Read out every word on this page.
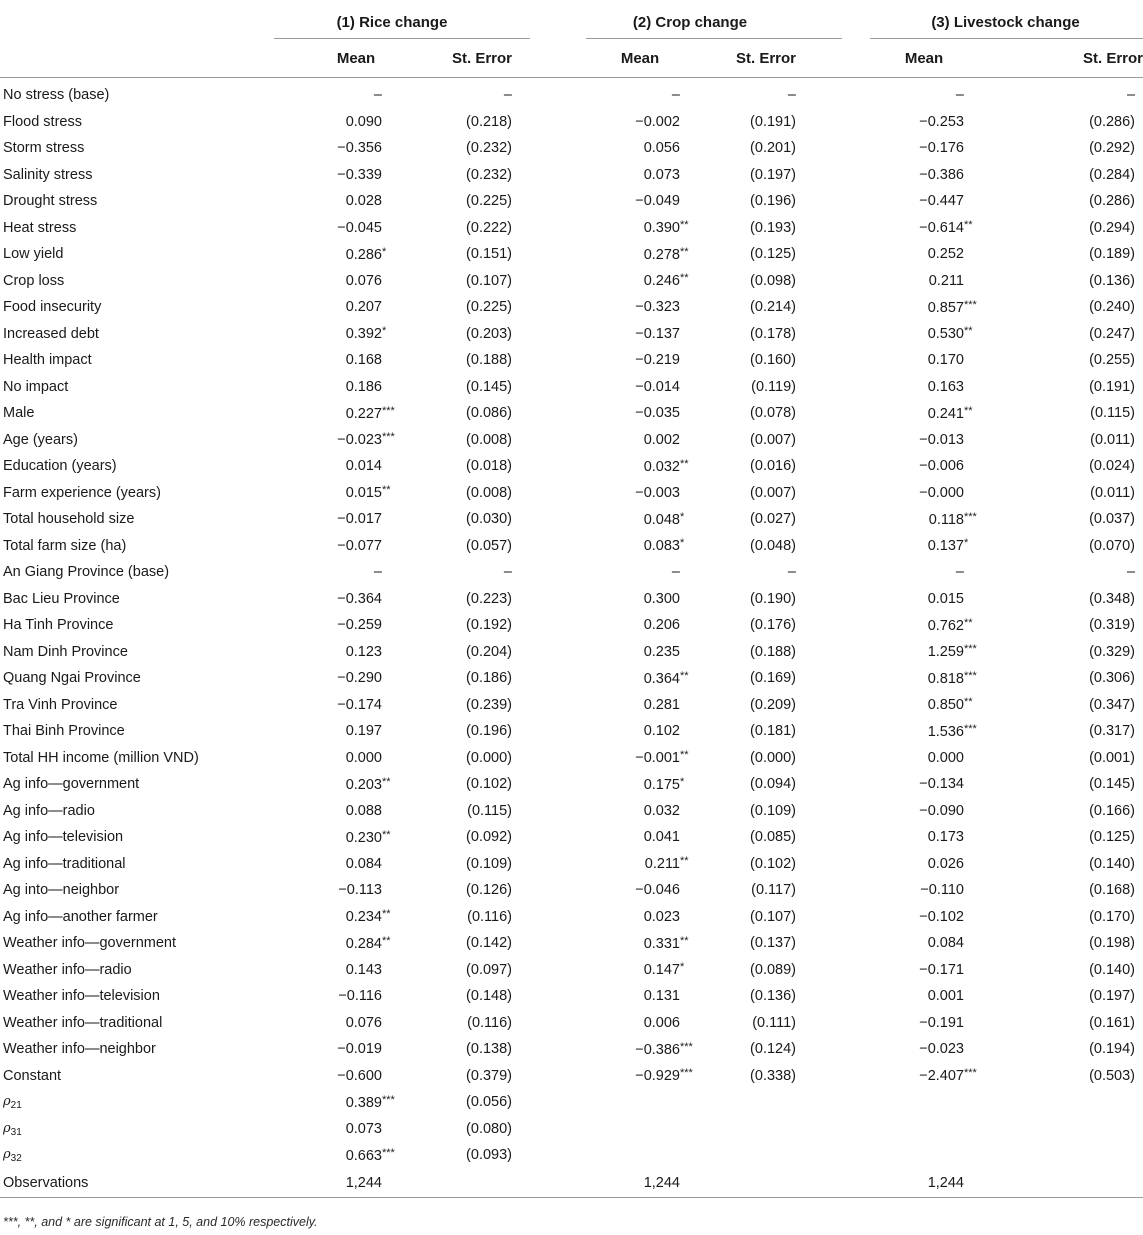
	(1) Rice change			(2) Crop change			(3) Livestock change	

	Mean	St. Error		Mean	St. Error		Mean	St. Error
No stress (base)	–	–		–	–		–	–
Flood stress	0.090	(0.218)		−0.002	(0.191)		−0.253	(0.286)
Storm stress	−0.356	(0.232)		0.056	(0.201)		−0.176	(0.292)
Salinity stress	−0.339	(0.232)		0.073	(0.197)		−0.386	(0.284)
Drought stress	0.028	(0.225)		−0.049	(0.196)		−0.447	(0.286)
Heat stress	−0.045	(0.222)		0.390**	(0.193)		−0.614**	(0.294)
Low yield	0.286*	(0.151)		0.278**	(0.125)		0.252	(0.189)
Crop loss	0.076	(0.107)		0.246**	(0.098)		0.211	(0.136)
Food insecurity	0.207	(0.225)		−0.323	(0.214)		0.857***	(0.240)
Increased debt	0.392*	(0.203)		−0.137	(0.178)		0.530**	(0.247)
Health impact	0.168	(0.188)		−0.219	(0.160)		0.170	(0.255)
No impact	0.186	(0.145)		−0.014	(0.119)		0.163	(0.191)
Male	0.227***	(0.086)		−0.035	(0.078)		0.241**	(0.115)
Age (years)	−0.023***	(0.008)		0.002	(0.007)		−0.013	(0.011)
Education (years)	0.014	(0.018)		0.032**	(0.016)		−0.006	(0.024)
Farm experience (years)	0.015**	(0.008)		−0.003	(0.007)		−0.000	(0.011)
Total household size	−0.017	(0.030)		0.048*	(0.027)		0.118***	(0.037)
Total farm size (ha)	−0.077	(0.057)		0.083*	(0.048)		0.137*	(0.070)
An Giang Province (base)	–	–		–	–		–	–
Bac Lieu Province	−0.364	(0.223)		0.300	(0.190)		0.015	(0.348)
Ha Tinh Province	−0.259	(0.192)		0.206	(0.176)		0.762**	(0.319)
Nam Dinh Province	0.123	(0.204)		0.235	(0.188)		1.259***	(0.329)
Quang Ngai Province	−0.290	(0.186)		0.364**	(0.169)		0.818***	(0.306)
Tra Vinh Province	−0.174	(0.239)		0.281	(0.209)		0.850**	(0.347)
Thai Binh Province	0.197	(0.196)		0.102	(0.181)		1.536***	(0.317)
Total HH income (million VND)	0.000	(0.000)		−0.001**	(0.000)		0.000	(0.001)
Ag info—government	0.203**	(0.102)		0.175*	(0.094)		−0.134	(0.145)
Ag info—radio	0.088	(0.115)		0.032	(0.109)		−0.090	(0.166)
Ag info—television	0.230**	(0.092)		0.041	(0.085)		0.173	(0.125)
Ag info—traditional	0.084	(0.109)		0.211**	(0.102)		0.026	(0.140)
Ag into—neighbor	−0.113	(0.126)		−0.046	(0.117)		−0.110	(0.168)
Ag info—another farmer	0.234**	(0.116)		0.023	(0.107)		−0.102	(0.170)
Weather info—government	0.284**	(0.142)		0.331**	(0.137)		0.084	(0.198)
Weather info—radio	0.143	(0.097)		0.147*	(0.089)		−0.171	(0.140)
Weather info—television	−0.116	(0.148)		0.131	(0.136)		0.001	(0.197)
Weather info—traditional	0.076	(0.116)		0.006	(0.111)		−0.191	(0.161)
Weather info—neighbor	−0.019	(0.138)		−0.386***	(0.124)		−0.023	(0.194)
Constant	−0.600	(0.379)		−0.929***	(0.338)		−2.407***	(0.503)
$\rho_{21}$	0.389***	(0.056)						
$\rho_{31}$	0.073	(0.080)						
$\rho_{32}$	0.663***	(0.093)						
Observations	1,244			1,244			1,244	
***, **, and * are significant at 1, 5, and 10% respectively.
